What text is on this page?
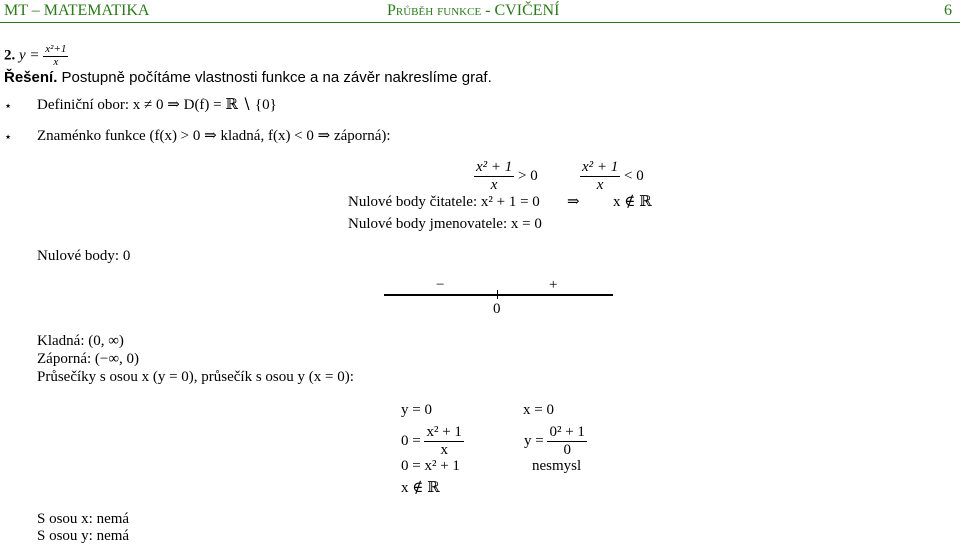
MT – MATEMATIKA	Průběh funkce - CVIČENÍ	6
2. $y = \frac{\text{x²+1}}{x}$
Řešení. Postupně počítáme vlastnosti funkce a na závěr nakreslíme graf.
⋆ Definiční obor: x ≠ 0 ⇒ D(f) = ℝ ∖ {0}
⋆ Znaménko funkce (f(x) > 0 ⇒ kladná, f(x) < 0 ⇒ záporná):
$\frac{\text{x² + 1}}{x} > 0$	$\frac{\text{x² + 1}}{x} < 0$
Nulové body čitatele: x² + 1 = 0 ⇒ x ∉ ℝ
Nulové body jmenovatele: x = 0
Nulové body: 0
−	+
0
Kladná: (0, ∞)
Záporná: (−∞, 0)
Průsečíky s osou x (y = 0), průsečík s osou y (x = 0):
y = 0
$0 = \frac{\text{x² + 1}}{x}$
0 = x² + 1
x ∉ ℝ
x = 0
$y = \frac{\text{0² + 1}}{0}$
nesmysl
S osou x: nemá
S osou y: nemá
